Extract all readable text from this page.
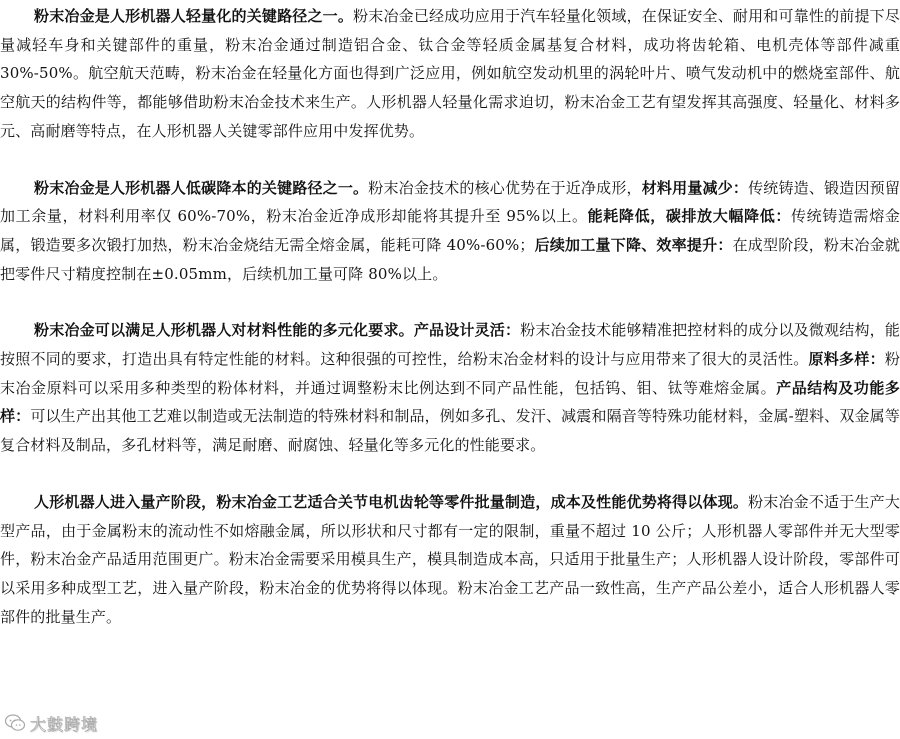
粉末冶金是人形机器人轻量化的关键路径之一。粉末冶金已经成功应用于汽车轻量化领域，在保证安全、耐用和可靠性的前提下尽量减轻车身和关键部件的重量，粉末冶金通过制造铝合金、钛合金等轻质金属基复合材料，成功将齿轮箱、电机壳体等部件减重 30%-50%。航空航天范畴，粉末冶金在轻量化方面也得到广泛应用，例如航空发动机里的涡轮叶片、喷气发动机中的燃烧室部件、航空航天的结构件等，都能够借助粉末冶金技术来生产。人形机器人轻量化需求迫切，粉末冶金工艺有望发挥其高强度、轻量化、材料多元、高耐磨等特点，在人形机器人关键零部件应用中发挥优势。

粉末冶金是人形机器人低碳降本的关键路径之一。粉末冶金技术的核心优势在于近净成形，材料用量减少：传统铸造、锻造因预留加工余量，材料利用率仅 60%-70%，粉末冶金近净成形却能将其提升至 95%以上。能耗降低，碳排放大幅降低：传统铸造需熔金属，锻造要多次锻打加热，粉末冶金烧结无需全熔金属，能耗可降 40%-60%；后续加工量下降、效率提升：在成型阶段，粉末冶金就把零件尺寸精度控制在±0.05mm，后续机加工量可降 80%以上。

粉末冶金可以满足人形机器人对材料性能的多元化要求。产品设计灵活：粉末冶金技术能够精准把控材料的成分以及微观结构，能按照不同的要求，打造出具有特定性能的材料。这种很强的可控性，给粉末冶金材料的设计与应用带来了很大的灵活性。原料多样：粉末冶金原料可以采用多种类型的粉体材料，并通过调整粉末比例达到不同产品性能，包括钨、钼、钛等难熔金属。产品结构及功能多样：可以生产出其他工艺难以制造或无法制造的特殊材料和制品，例如多孔、发汗、减震和隔音等特殊功能材料，金属-塑料、双金属等复合材料及制品，多孔材料等，满足耐磨、耐腐蚀、轻量化等多元化的性能要求。

人形机器人进入量产阶段，粉末冶金工艺适合关节电机齿轮等零件批量制造，成本及性能优势将得以体现。粉末冶金不适于生产大型产品，由于金属粉末的流动性不如熔融金属，所以形状和尺寸都有一定的限制，重量不超过 10 公斤；人形机器人零部件并无大型零件，粉末冶金产品适用范围更广。粉末冶金需要采用模具生产，模具制造成本高，只适用于批量生产；人形机器人设计阶段，零部件可以采用多种成型工艺，进入量产阶段，粉末冶金的优势将得以体现。粉末冶金工艺产品一致性高，生产产品公差小，适合人形机器人零部件的批量生产。

大鼓跨境
